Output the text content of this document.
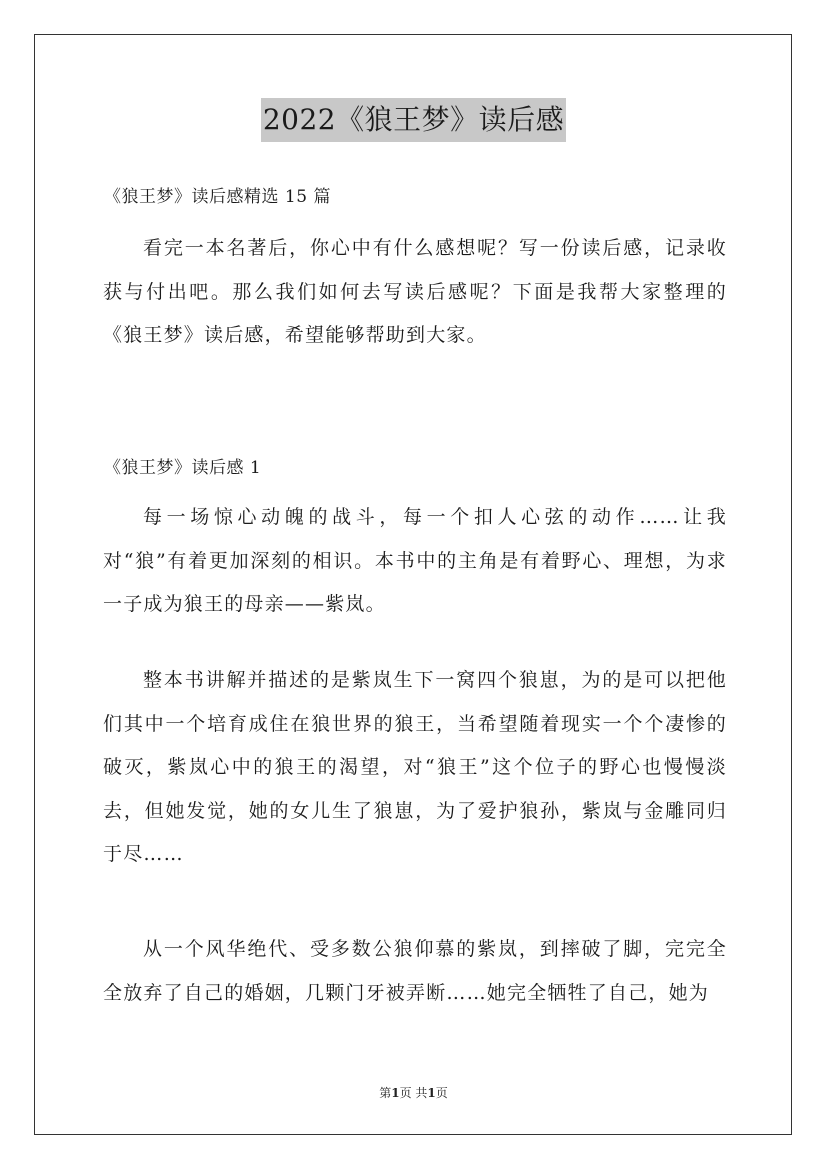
2022《狼王梦》读后感
《狼王梦》读后感精选 15 篇

看完一本名著后，你心中有什么感想呢？写一份读后感，记录收获与付出吧。那么我们如何去写读后感呢？下面是我帮大家整理的《狼王梦》读后感，希望能够帮助到大家。

《狼王梦》读后感 1

每一场惊心动魄的战斗，每一个扣人心弦的动作……让我对“狼”有着更加深刻的相识。本书中的主角是有着野心、理想，为求一子成为狼王的母亲——紫岚。

整本书讲解并描述的是紫岚生下一窝四个狼崽，为的是可以把他们其中一个培育成住在狼世界的狼王，当希望随着现实一个个凄惨的破灭，紫岚心中的狼王的渴望，对“狼王”这个位子的野心也慢慢淡去，但她发觉，她的女儿生了狼崽，为了爱护狼孙，紫岚与金雕同归于尽……

从一个风华绝代、受多数公狼仰慕的紫岚，到摔破了脚，完完全全放弃了自己的婚姻，几颗门牙被弄断……她完全牺牲了自己，她为

第1页 共1页
